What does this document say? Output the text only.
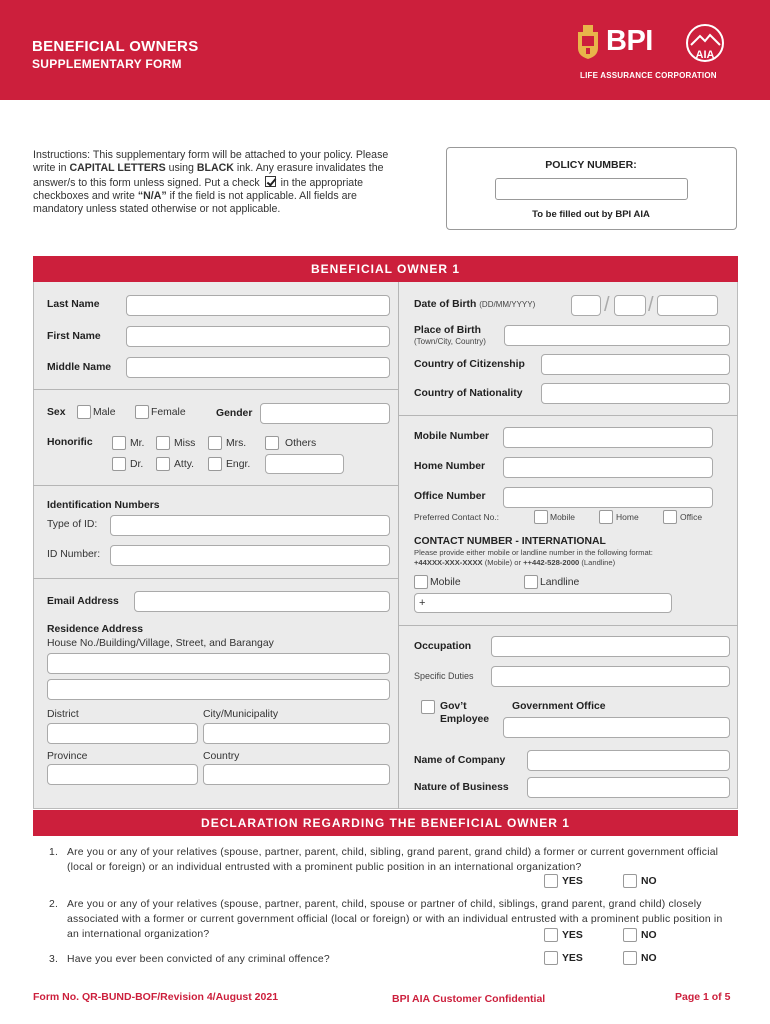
BENEFICIAL OWNERS
SUPPLEMENTARY FORM
BPI	AIA
LIFE ASSURANCE CORPORATION
Instructions: This supplementary form will be attached to your policy. Please write in CAPITAL LETTERS using BLACK ink. Any erasure invalidates the answer/s to this form unless signed. Put a check  in the appropriate checkboxes and write “N/A” if the field is not applicable. All fields are mandatory unless stated otherwise or not applicable.
POLICY NUMBER:
To be filled out by BPI AIA
BENEFICIAL OWNER 1
Last Name
First Name
Middle Name
Sex	Male	Female	Gender
Honorific	Mr.	Miss	Mrs.	Others
Dr.	Atty.	Engr.
Identification Numbers
Type of ID:
ID Number:
Email Address
Residence Address
House No./Building/Village, Street, and Barangay
District	City/Municipality
Province	Country
Date of Birth (DD/MM/YYYY)	/ /
Place of Birth
(Town/City, Country)
Country of Citizenship
Country of Nationality
Mobile Number
Home Number
Office Number
Preferred Contact No.:	Mobile	Home	Office
CONTACT NUMBER - INTERNATIONAL
Please provide either mobile or landline number in the following format:
+44XXX-XXX-XXXX (Mobile) or ++442-528-2000 (Landline)
Mobile	Landline
+
Occupation
Specific Duties
Gov’t
Employee
Government Office
Name of Company
Nature of Business
DECLARATION REGARDING THE BENEFICIAL OWNER 1
1. Are you or any of your relatives (spouse, partner, parent, child, sibling, grand parent, grand child) a former or current government official (local or foreign) or an individual entrusted with a prominent public position in an international organization?
YES	NO
2. Are you or any of your relatives (spouse, partner, parent, child, spouse or partner of child, siblings, grand parent, grand child) closely associated with a former or current government official (local or foreign) or with an individual entrusted with a prominent public position in an international organization?	YES	NO
3. Have you ever been convicted of any criminal offence?	YES	NO
Form No. QR-BUND-BOF/Revision 4/August 2021	BPI AIA Customer Confidential	Page 1 of 5
